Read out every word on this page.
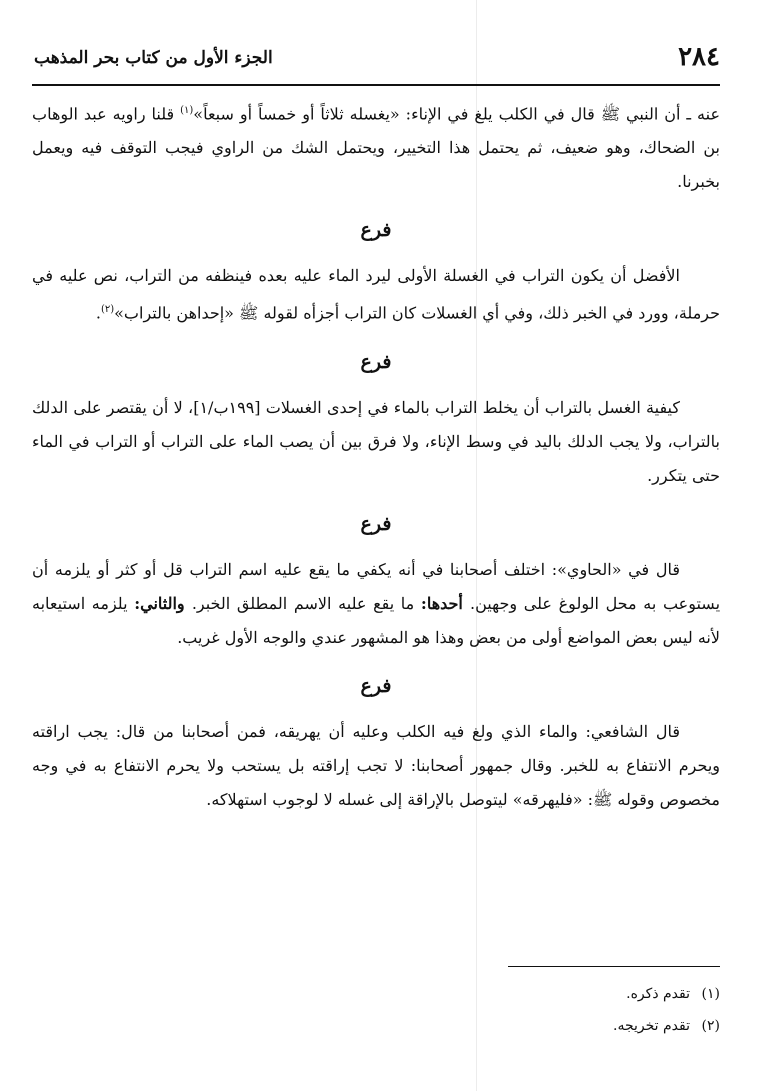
٢٨٤
الجزء الأول من كتاب بحر المذهب

عنه ـ أن النبي ﷺ قال في الكلب يلغ في الإناء: «يغسله ثلاثاً أو خمساً أو سبعاً»$^{(١)}$ قلنا راويه عبد الوهاب بن الضحاك، وهو ضعيف، ثم يحتمل هذا التخيير، ويحتمل الشك من الراوي فيجب التوقف فيه ويعمل بخبرنا.

فرع

الأفضل أن يكون التراب في الغسلة الأولى ليرد الماء عليه بعده فينظفه من التراب، نص عليه في حرملة، وورد في الخبر ذلك، وفي أي الغسلات كان التراب أجزأه لقوله ﷺ «إحداهن بالتراب»$^{(٢)}$.

فرع

كيفية الغسل بالتراب أن يخلط التراب بالماء في إحدى الغسلات [١٩٩ب/١]، لا أن يقتصر على الدلك بالتراب، ولا يجب الدلك باليد في وسط الإناء، ولا فرق بين أن يصب الماء على التراب أو التراب في الماء حتى يتكرر.

فرع

قال في «الحاوي»: اختلف أصحابنا في أنه يكفي ما يقع عليه اسم التراب قل أو كثر أو يلزمه أن يستوعب به محل الولوغ على وجهين. أحدها: ما يقع عليه الاسم المطلق الخبر. والثاني: يلزمه استيعابه لأنه ليس بعض المواضع أولى من بعض وهذا هو المشهور عندي والوجه الأول غريب.

فرع

قال الشافعي: والماء الذي ولغ فيه الكلب وعليه أن يهريقه، فمن أصحابنا من قال: يجب اراقته ويحرم الانتفاع به للخبر. وقال جمهور أصحابنا: لا تجب إراقته بل يستحب ولا يحرم الانتفاع به في وجه مخصوص وقوله ﷺ: «فليهرقه» ليتوصل بالإراقة إلى غسله لا لوجوب استهلاكه.

(١)تقدم ذكره.
(٢)تقدم تخريجه.
